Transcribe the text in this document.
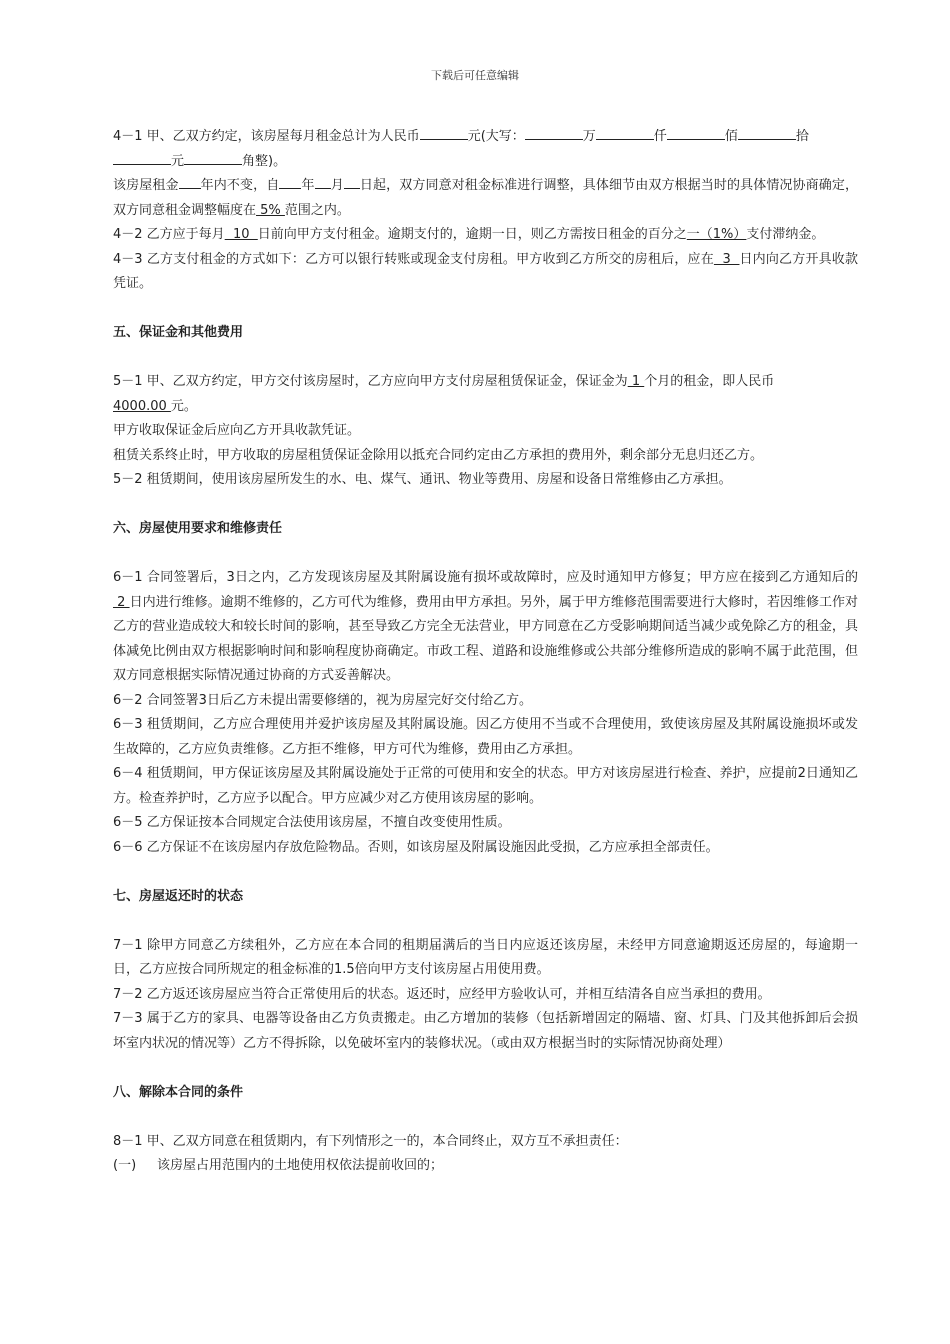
下载后可任意编辑

4－1 甲、乙双方约定，该房屋每月租金总计为人民币	元(大写：	万	仟	佰	拾
元	角整)。

该房屋租金 年内不变，自 年 月 日起，双方同意对租金标准进行调整，具体细节由双方根据当时的具体情况协商确定，双方同意租金调整幅度在 5% 范围之内。

4－2 乙方应于每月  10  日前向甲方支付租金。逾期支付的，逾期一日，则乙方需按日租金的百分之一（1%）支付滞纳金。

4－3 乙方支付租金的方式如下：乙方可以银行转账或现金支付房租。甲方收到乙方所交的房租后，应在  3  日内向乙方开具收款凭证。

五、保证金和其他费用

5－1 甲、乙双方约定，甲方交付该房屋时，乙方应向甲方支付房屋租赁保证金，保证金为 1 个月的租金，即人民币
4000.00 元。

甲方收取保证金后应向乙方开具收款凭证。

租赁关系终止时，甲方收取的房屋租赁保证金除用以抵充合同约定由乙方承担的费用外，剩余部分无息归还乙方。

5－2 租赁期间，使用该房屋所发生的水、电、煤气、通讯、物业等费用、房屋和设备日常维修由乙方承担。

六、房屋使用要求和维修责任

6－1 合同签署后，3日之内，乙方发现该房屋及其附属设施有损坏或故障时，应及时通知甲方修复；甲方应在接到乙方通知后的 2 日内进行维修。逾期不维修的，乙方可代为维修，费用由甲方承担。另外，属于甲方维修范围需要进行大修时，若因维修工作对乙方的营业造成较大和较长时间的影响，甚至导致乙方完全无法营业，甲方同意在乙方受影响期间适当减少或免除乙方的租金，具体减免比例由双方根据影响时间和影响程度协商确定。市政工程、道路和设施维修或公共部分维修所造成的影响不属于此范围，但双方同意根据实际情况通过协商的方式妥善解决。

6－2 合同签署3日后乙方未提出需要修缮的，视为房屋完好交付给乙方。

6－3 租赁期间，乙方应合理使用并爱护该房屋及其附属设施。因乙方使用不当或不合理使用，致使该房屋及其附属设施损坏或发生故障的，乙方应负责维修。乙方拒不维修，甲方可代为维修，费用由乙方承担。

6－4 租赁期间，甲方保证该房屋及其附属设施处于正常的可使用和安全的状态。甲方对该房屋进行检查、养护，应提前2日通知乙方。检查养护时，乙方应予以配合。甲方应减少对乙方使用该房屋的影响。

6－5 乙方保证按本合同规定合法使用该房屋，不擅自改变使用性质。

6－6 乙方保证不在该房屋内存放危险物品。否则，如该房屋及附属设施因此受损，乙方应承担全部责任。

七、房屋返还时的状态

7－1 除甲方同意乙方续租外，乙方应在本合同的租期届满后的当日内应返还该房屋，未经甲方同意逾期返还房屋的，每逾期一日，乙方应按合同所规定的租金标准的1.5倍向甲方支付该房屋占用使用费。

7－2 乙方返还该房屋应当符合正常使用后的状态。返还时，应经甲方验收认可，并相互结清各自应当承担的费用。

7－3 属于乙方的家具、电器等设备由乙方负责搬走。由乙方增加的装修（包括新增固定的隔墙、窗、灯具、门及其他拆卸后会损坏室内状况的情况等）乙方不得拆除，以免破坏室内的装修状况。（或由双方根据当时的实际情况协商处理）

八、解除本合同的条件

8－1 甲、乙双方同意在租赁期内，有下列情形之一的，本合同终止，双方互不承担责任：

(一)	该房屋占用范围内的土地使用权依法提前收回的；
